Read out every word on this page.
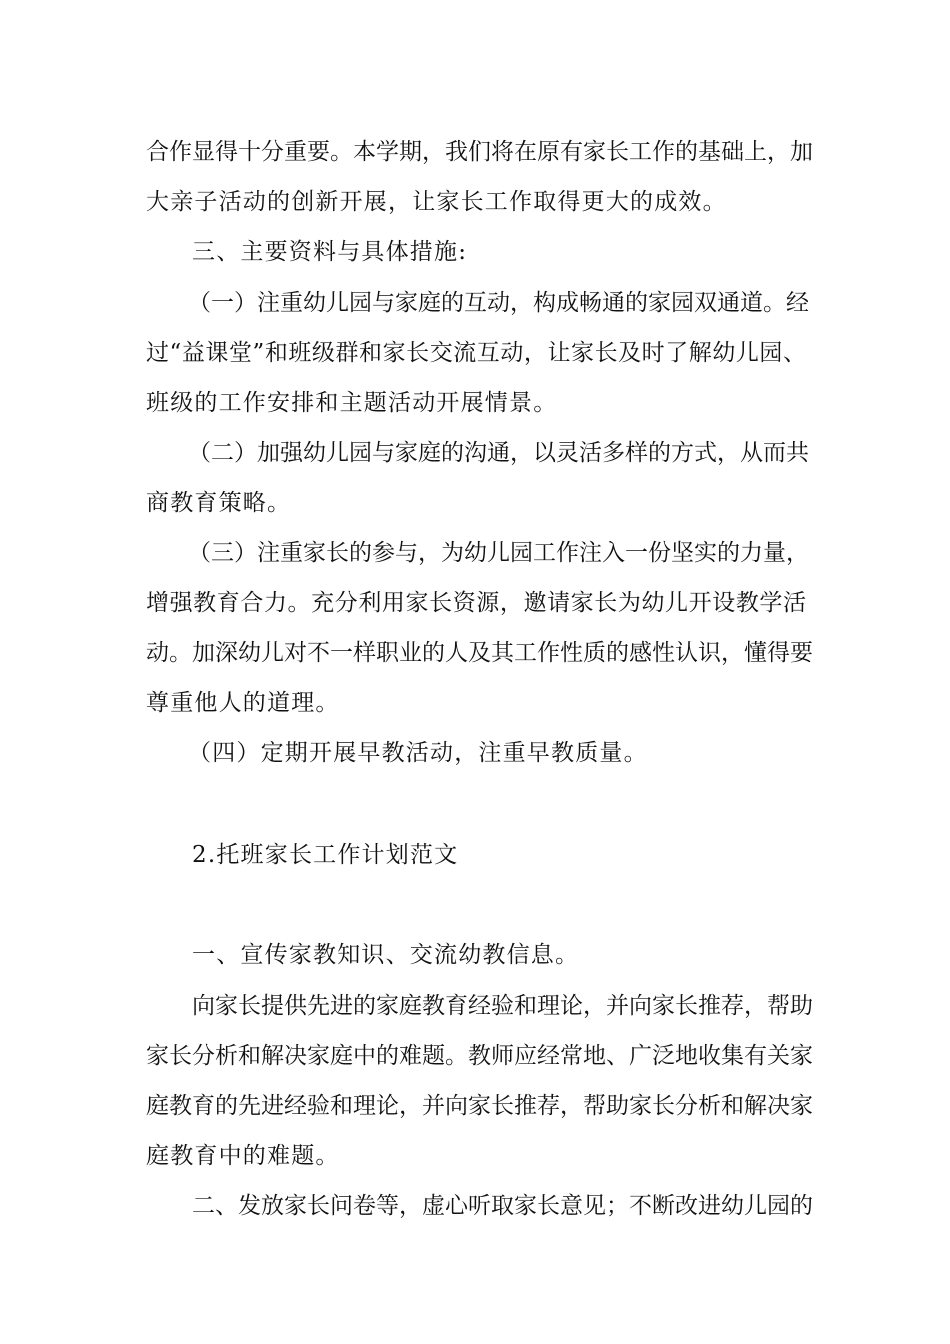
合作显得十分重要。本学期，我们将在原有家长工作的基础上，加
大亲子活动的创新开展，让家长工作取得更大的成效。
三、主要资料与具体措施:
（一）注重幼儿园与家庭的互动，构成畅通的家园双通道。经
过“益课堂”和班级群和家长交流互动，让家长及时了解幼儿园、
班级的工作安排和主题活动开展情景。
（二）加强幼儿园与家庭的沟通，以灵活多样的方式，从而共
商教育策略。
（三）注重家长的参与，为幼儿园工作注入一份坚实的力量，
增强教育合力。充分利用家长资源，邀请家长为幼儿开设教学活
动。加深幼儿对不一样职业的人及其工作性质的感性认识，懂得要
尊重他人的道理。
（四）定期开展早教活动，注重早教质量。
2.托班家长工作计划范文
一、宣传家教知识、交流幼教信息。
向家长提供先进的家庭教育经验和理论，并向家长推荐，帮助
家长分析和解决家庭中的难题。教师应经常地、广泛地收集有关家
庭教育的先进经验和理论，并向家长推荐，帮助家长分析和解决家
庭教育中的难题。
二、发放家长问卷等，虚心听取家长意见；不断改进幼儿园的
